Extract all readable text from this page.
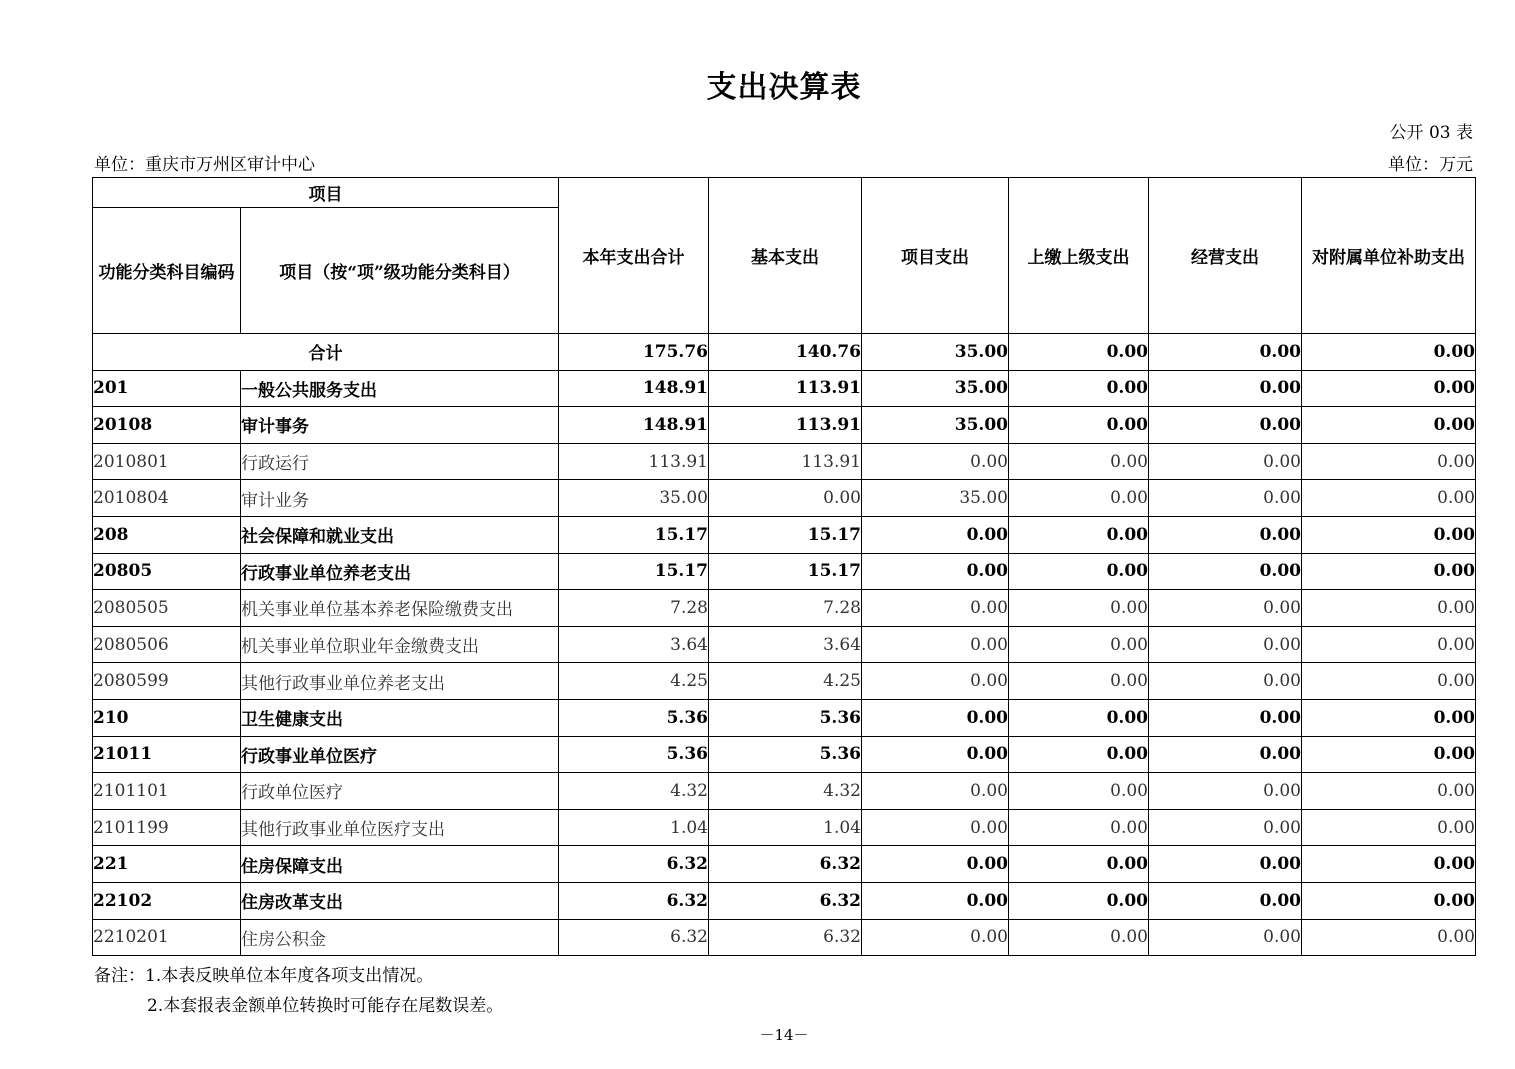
支出决算表
公开 03 表
单位：重庆市万州区审计中心	单位：万元
项目		本年支出合计	基本支出	项目支出	上缴上级支出	经营支出	对附属单位补助支出
功能分类科目编码	项目（按“项”级功能分类科目）						
合计		175.76	140.76	35.00	0.00	0.00	0.00
201	一般公共服务支出	148.91	113.91	35.00	0.00	0.00	0.00
20108	审计事务	148.91	113.91	35.00	0.00	0.00	0.00
2010801	行政运行	113.91	113.91	0.00	0.00	0.00	0.00
2010804	审计业务	35.00	0.00	35.00	0.00	0.00	0.00
208	社会保障和就业支出	15.17	15.17	0.00	0.00	0.00	0.00
20805	行政事业单位养老支出	15.17	15.17	0.00	0.00	0.00	0.00
2080505	机关事业单位基本养老保险缴费支出	7.28	7.28	0.00	0.00	0.00	0.00
2080506	机关事业单位职业年金缴费支出	3.64	3.64	0.00	0.00	0.00	0.00
2080599	其他行政事业单位养老支出	4.25	4.25	0.00	0.00	0.00	0.00
210	卫生健康支出	5.36	5.36	0.00	0.00	0.00	0.00
21011	行政事业单位医疗	5.36	5.36	0.00	0.00	0.00	0.00
2101101	行政单位医疗	4.32	4.32	0.00	0.00	0.00	0.00
2101199	其他行政事业单位医疗支出	1.04	1.04	0.00	0.00	0.00	0.00
221	住房保障支出	6.32	6.32	0.00	0.00	0.00	0.00
22102	住房改革支出	6.32	6.32	0.00	0.00	0.00	0.00
2210201	住房公积金	6.32	6.32	0.00	0.00	0.00	0.00
备注：1.本表反映单位本年度各项支出情况。
2.本套报表金额单位转换时可能存在尾数误差。
－14－
